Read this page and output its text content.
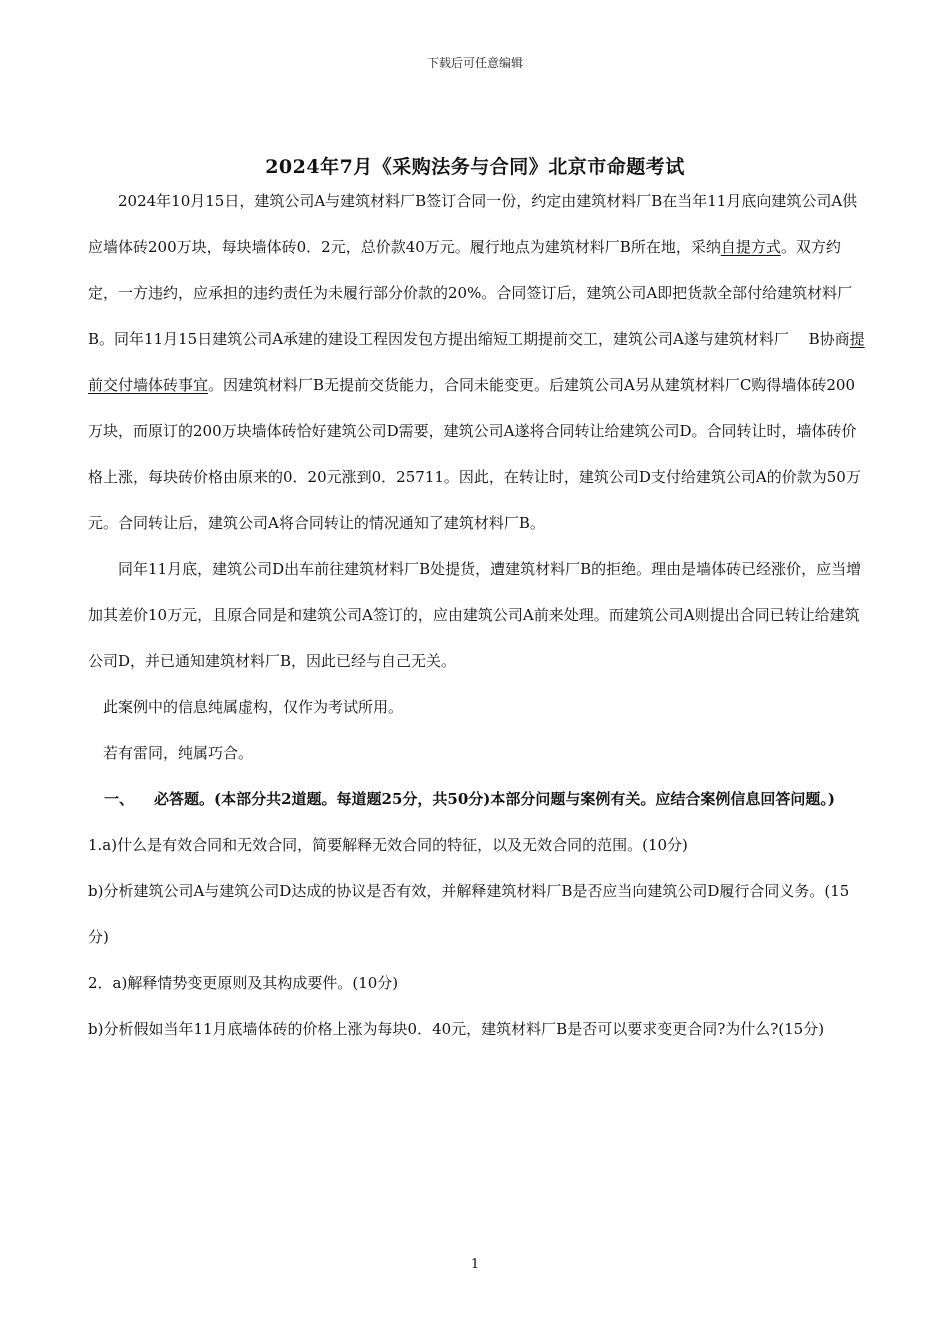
下载后可任意编辑
2024年7月《采购法务与合同》北京市命题考试

2024年10月15日，建筑公司A与建筑材料厂B签订合同一份，约定由建筑材料厂B在当年11月底向建筑公司A供应墙体砖200万块，每块墙体砖0．2元，总价款40万元。履行地点为建筑材料厂B所在地，采纳自提方式。双方约定，一方违约，应承担的违约责任为未履行部分价款的20%。合同签订后，建筑公司A即把货款全部付给建筑材料厂B。同年11月15日建筑公司A承建的建设工程因发包方提出缩短工期提前交工，建筑公司A遂与建筑材料厂　 B协商提前交付墙体砖事宜。因建筑材料厂B无提前交货能力，合同未能变更。后建筑公司A另从建筑材料厂C购得墙体砖200万块，而原订的200万块墙体砖恰好建筑公司D需要，建筑公司A遂将合同转让给建筑公司D。合同转让时，墙体砖价格上涨，每块砖价格由原来的0．20元涨到0．25711。因此，在转让时，建筑公司D支付给建筑公司A的价款为50万元。合同转让后，建筑公司A将合同转让的情况通知了建筑材料厂B。

同年11月底，建筑公司D出车前往建筑材料厂B处提货，遭建筑材料厂B的拒绝。理由是墙体砖已经涨价，应当增加其差价10万元，且原合同是和建筑公司A签订的，应由建筑公司A前来处理。而建筑公司A则提出合同已转让给建筑公司D，并已通知建筑材料厂B，因此已经与自己无关。

此案例中的信息纯属虚构，仅作为考试所用。

若有雷同，纯属巧合。

一、 必答题。(本部分共2道题。每道题25分，共50分)本部分问题与案例有关。应结合案例信息回答问题。)

1.a)什么是有效合同和无效合同，简要解释无效合同的特征，以及无效合同的范围。(10分)

b)分析建筑公司A与建筑公司D达成的协议是否有效，并解释建筑材料厂B是否应当向建筑公司D履行合同义务。(15分)

2．a)解释情势变更原则及其构成要件。(10分)

b)分析假如当年11月底墙体砖的价格上涨为每块0．40元，建筑材料厂B是否可以要求变更合同?为什么?(15分)

1
